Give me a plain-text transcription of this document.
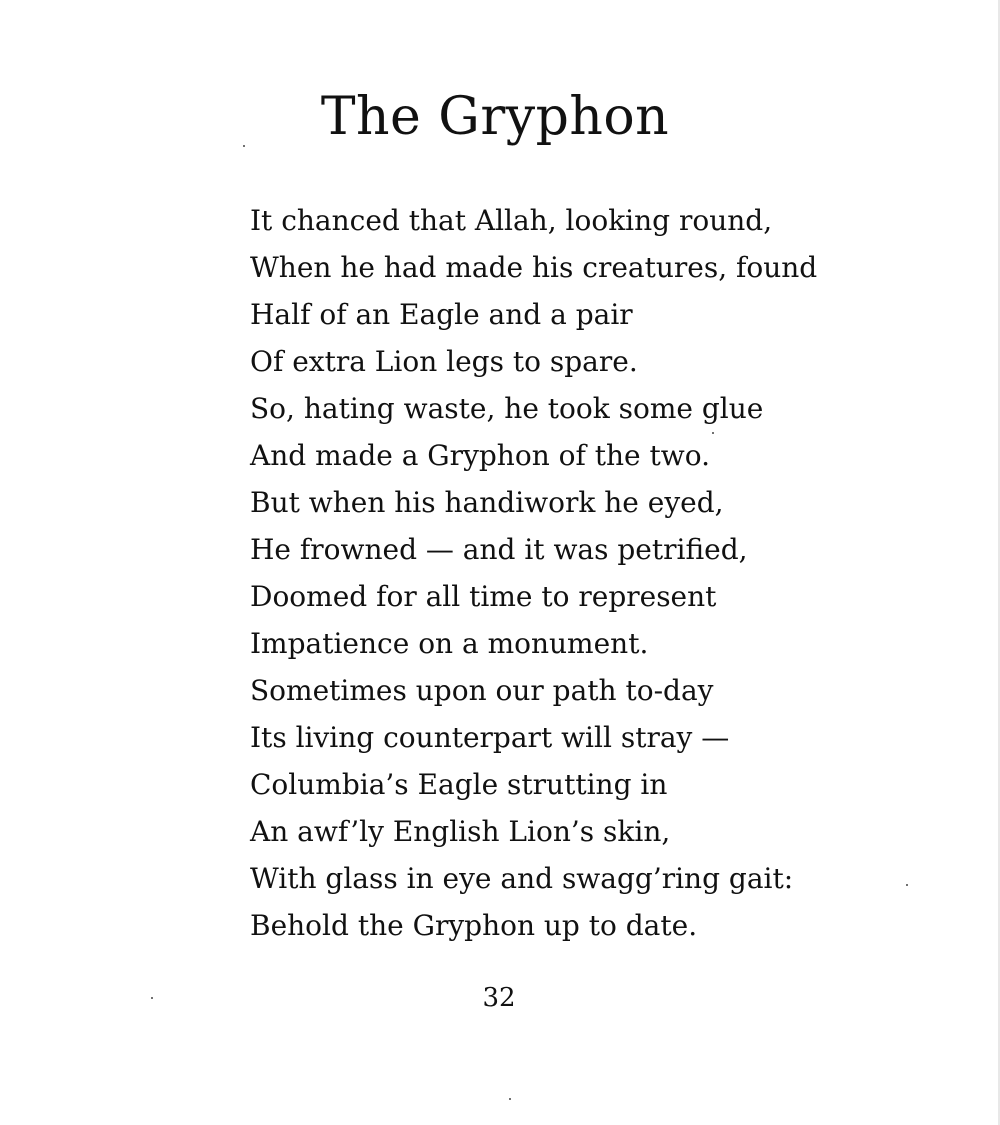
The Gryphon
It chanced that Allah, looking round,
When he had made his creatures, found
Half of an Eagle and a pair
Of extra Lion legs to spare.
So, hating waste, he took some glue
And made a Gryphon of the two.
But when his handiwork he eyed,
He frowned — and it was petrified,
Doomed for all time to represent
Impatience on a monument.
Sometimes upon our path to-day
Its living counterpart will stray —
Columbia’s Eagle strutting in
An awf’ly English Lion’s skin,
With glass in eye and swagg’ring gait:
Behold the Gryphon up to date.
32
